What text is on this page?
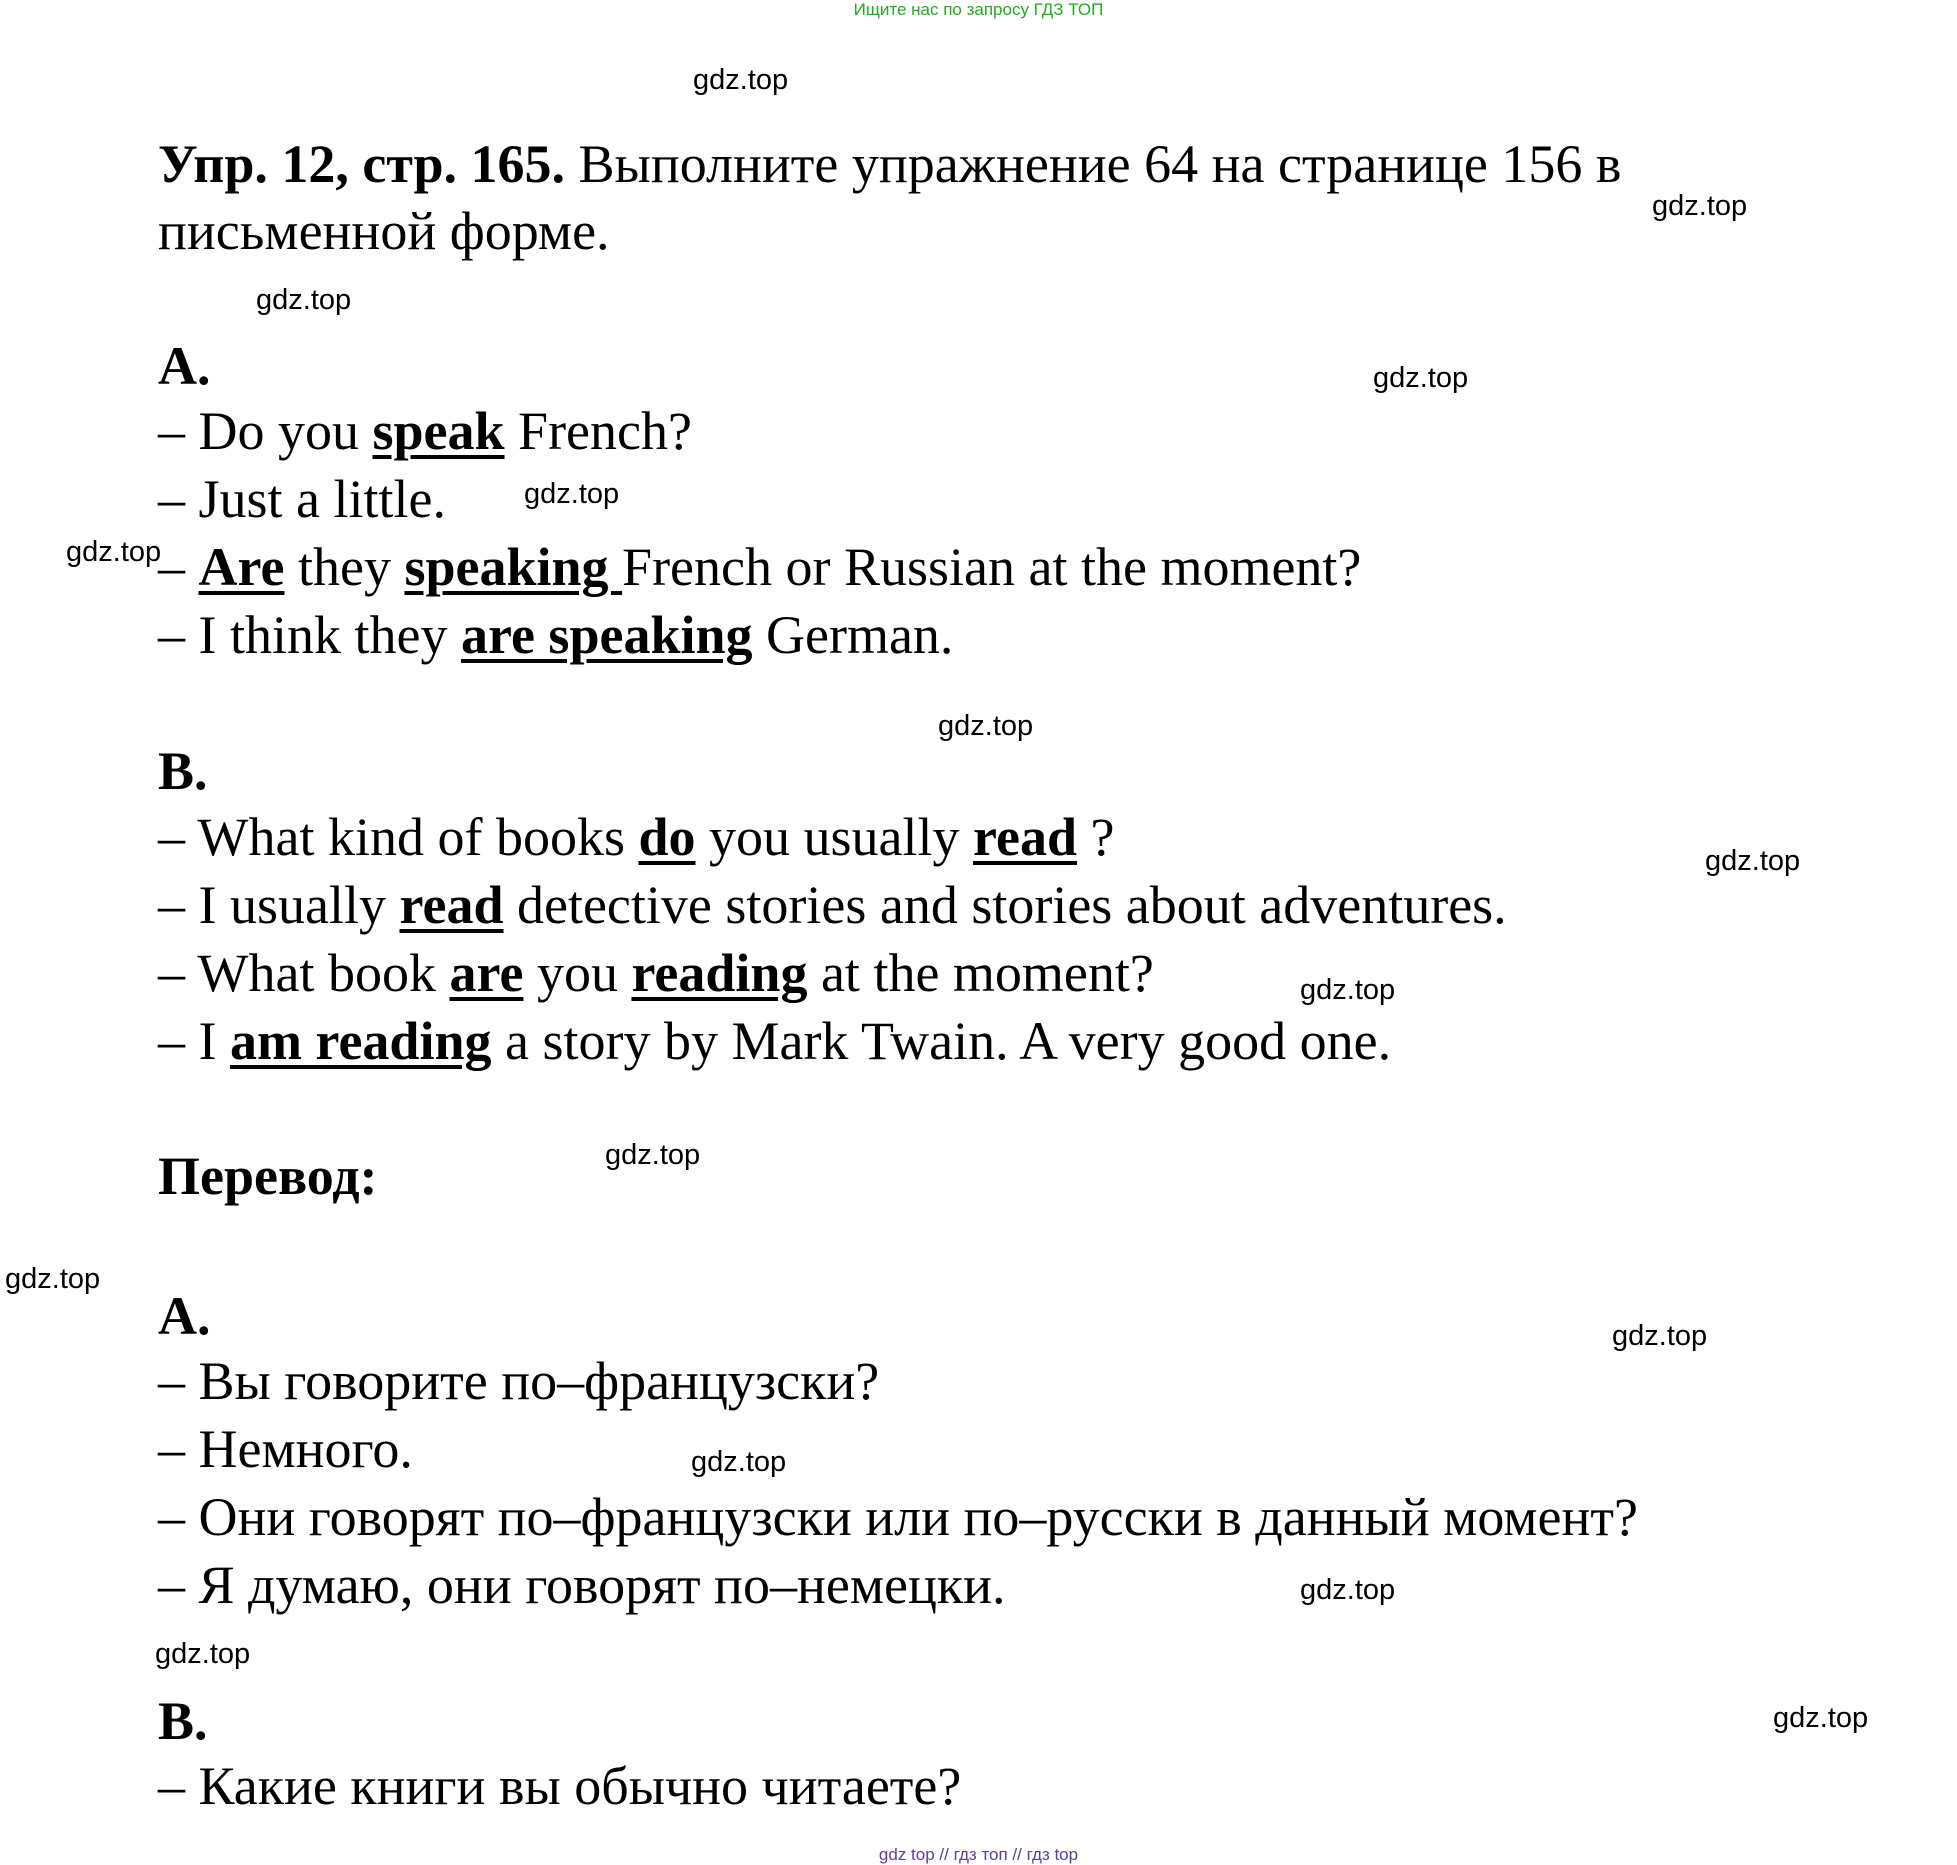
Ищите нас по запросу ГДЗ ТОП
gdz.top
gdz.top
gdz.top
gdz.top
gdz.top
gdz.top
gdz.top
gdz.top
gdz.top
gdz.top
gdz.top
gdz.top
gdz.top
gdz.top
gdz.top
gdz.top
Упр. 12, стр. 165. Выполните упражнение 64 на странице 156 в
письменной форме.
A.
– Do you speak French?
– Just a little.
– Are they speaking French or Russian at the moment?
– I think they are speaking German.
B.
– What kind of books do you usually read ?
– I usually read detective stories and stories about adventures.
– What book are you reading at the moment?
– I am reading a story by Mark Twain. A very good one.
Перевод:
A.
– Вы говорите по–французски?
– Немного.
– Они говорят по–французски или по–русски в данный момент?
– Я думаю, они говорят по–немецки.
B.
– Какие книги вы обычно читаете?
gdz top // гдз топ // гдз top
